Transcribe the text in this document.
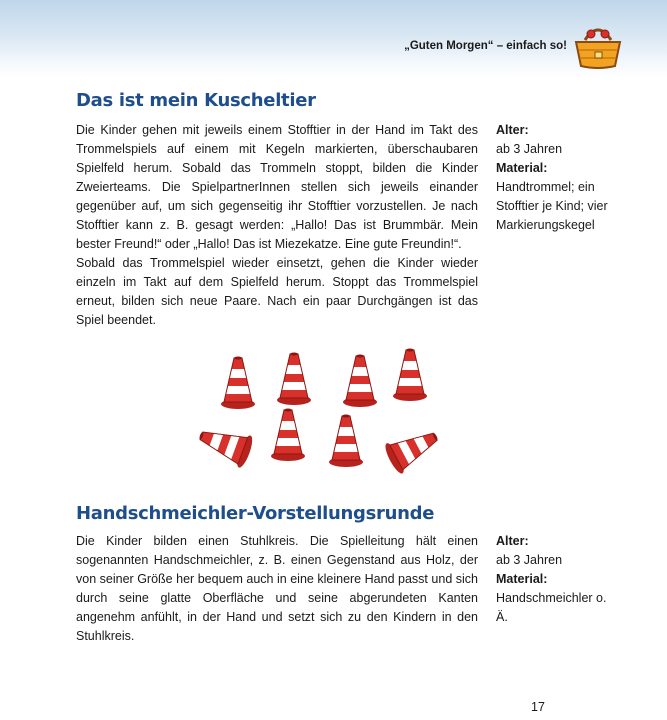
„Guten Morgen“ – einfach so!
Das ist mein Kuscheltier

Die Kinder gehen mit jeweils einem Stofftier in der Hand im Takt des Trommelspiels auf einem mit Kegeln markierten, überschaubaren Spielfeld herum. Sobald das Trommeln stoppt, bilden die Kinder Zweierteams. Die SpielpartnerInnen stellen sich jeweils einander gegenüber auf, um sich gegenseitig ihr Stofftier vorzustellen. Je nach Stofftier kann z. B. gesagt werden: „Hallo! Das ist Brummbär. Mein bester Freund!“ oder „Hallo! Das ist Miezekatze. Eine gute Freundin!“.

Sobald das Trommelspiel wieder einsetzt, gehen die Kinder wieder einzeln im Takt auf dem Spielfeld herum. Stoppt das Trommelspiel erneut, bilden sich neue Paare. Nach ein paar Durchgängen ist das Spiel beendet.

Alter:
ab 3 Jahren
Material:
Handtrommel; ein Stofftier je Kind; vier Markierungskegel
Handschmeichler-Vorstellungsrunde

Die Kinder bilden einen Stuhlkreis. Die Spielleitung hält einen sogenannten Handschmeichler, z. B. einen Gegenstand aus Holz, der von seiner Größe her bequem auch in eine kleinere Hand passt und sich durch seine glatte Oberfläche und seine abgerundeten Kanten angenehm anfühlt, in der Hand und setzt sich zu den Kindern in den Stuhlkreis.

Alter:
ab 3 Jahren
Material:
Handschmeichler o. Ä.
17
